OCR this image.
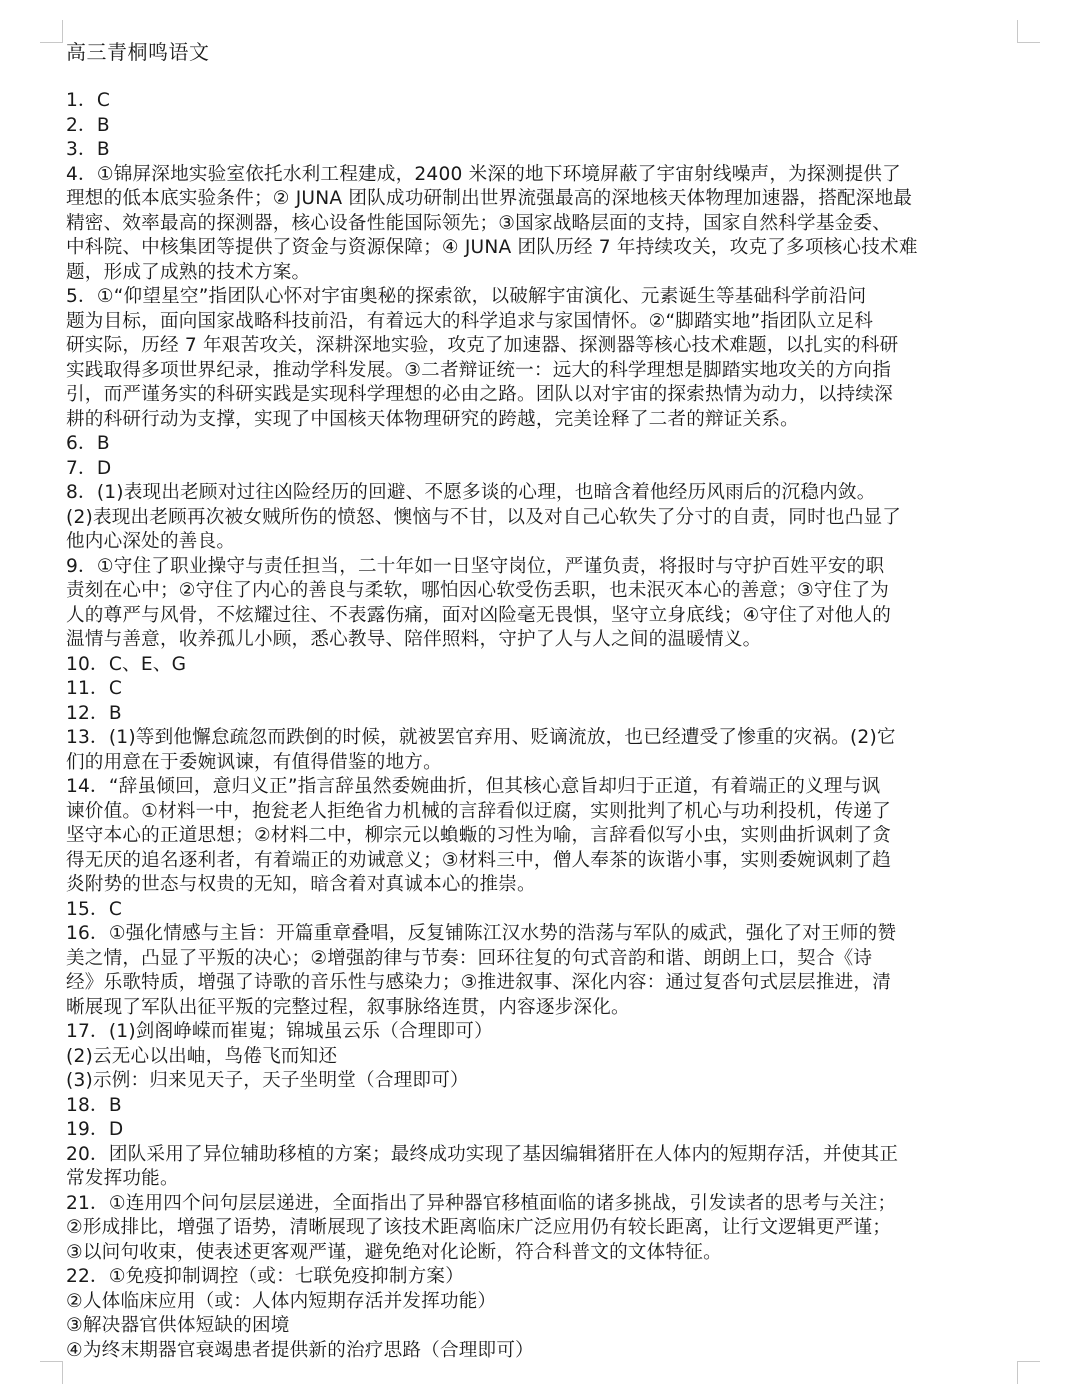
高三青桐鸣语文
1．C
2．B
3．B
4．①锦屏深地实验室依托水利工程建成，2400 米深的地下环境屏蔽了宇宙射线噪声，为探测提供了
理想的低本底实验条件；② JUNA 团队成功研制出世界流强最高的深地核天体物理加速器，搭配深地最
精密、效率最高的探测器，核心设备性能国际领先；③国家战略层面的支持，国家自然科学基金委、
中科院、中核集团等提供了资金与资源保障；④ JUNA 团队历经 7 年持续攻关，攻克了多项核心技术难
题，形成了成熟的技术方案。
5．①“仰望星空”指团队心怀对宇宙奥秘的探索欲，以破解宇宙演化、元素诞生等基础科学前沿问
题为目标，面向国家战略科技前沿，有着远大的科学追求与家国情怀。②“脚踏实地”指团队立足科
研实际，历经 7 年艰苦攻关，深耕深地实验，攻克了加速器、探测器等核心技术难题，以扎实的科研
实践取得多项世界纪录，推动学科发展。③二者辩证统一：远大的科学理想是脚踏实地攻关的方向指
引，而严谨务实的科研实践是实现科学理想的必由之路。团队以对宇宙的探索热情为动力，以持续深
耕的科研行动为支撑，实现了中国核天体物理研究的跨越，完美诠释了二者的辩证关系。
6．B
7．D
8．(1)表现出老顾对过往凶险经历的回避、不愿多谈的心理，也暗含着他经历风雨后的沉稳内敛。
(2)表现出老顾再次被女贼所伤的愤怒、懊恼与不甘，以及对自己心软失了分寸的自责，同时也凸显了
他内心深处的善良。
9．①守住了职业操守与责任担当，二十年如一日坚守岗位，严谨负责，将报时与守护百姓平安的职
责刻在心中；②守住了内心的善良与柔软，哪怕因心软受伤丢职，也未泯灭本心的善意；③守住了为
人的尊严与风骨，不炫耀过往、不表露伤痛，面对凶险毫无畏惧，坚守立身底线；④守住了对他人的
温情与善意，收养孤儿小顾，悉心教导、陪伴照料，守护了人与人之间的温暖情义。
10．C、E、G
11．C
12．B
13．(1)等到他懈怠疏忽而跌倒的时候，就被罢官弃用、贬谪流放，也已经遭受了惨重的灾祸。(2)它
们的用意在于委婉讽谏，有值得借鉴的地方。
14．“辞虽倾回，意归义正”指言辞虽然委婉曲折，但其核心意旨却归于正道，有着端正的义理与讽
谏价值。①材料一中，抱瓮老人拒绝省力机械的言辞看似迂腐，实则批判了机心与功利投机，传递了
坚守本心的正道思想；②材料二中，柳宗元以蝜蝂的习性为喻，言辞看似写小虫，实则曲折讽刺了贪
得无厌的追名逐利者，有着端正的劝诫意义；③材料三中，僧人奉茶的诙谐小事，实则委婉讽刺了趋
炎附势的世态与权贵的无知，暗含着对真诚本心的推崇。
15．C
16．①强化情感与主旨：开篇重章叠唱，反复铺陈江汉水势的浩荡与军队的威武，强化了对王师的赞
美之情，凸显了平叛的决心；②增强韵律与节奏：回环往复的句式音韵和谐、朗朗上口，契合《诗
经》乐歌特质，增强了诗歌的音乐性与感染力；③推进叙事、深化内容：通过复沓句式层层推进，清
晰展现了军队出征平叛的完整过程，叙事脉络连贯，内容逐步深化。
17．(1)剑阁峥嵘而崔嵬；锦城虽云乐（合理即可）
(2)云无心以出岫，鸟倦飞而知还
(3)示例：归来见天子，天子坐明堂（合理即可）
18．B
19．D
20．团队采用了异位辅助移植的方案；最终成功实现了基因编辑猪肝在人体内的短期存活，并使其正
常发挥功能。
21．①连用四个问句层层递进，全面指出了异种器官移植面临的诸多挑战，引发读者的思考与关注；
②形成排比，增强了语势，清晰展现了该技术距离临床广泛应用仍有较长距离，让行文逻辑更严谨；
③以问句收束，使表述更客观严谨，避免绝对化论断，符合科普文的文体特征。
22．①免疫抑制调控（或：七联免疫抑制方案）
②人体临床应用（或：人体内短期存活并发挥功能）
③解决器官供体短缺的困境
④为终末期器官衰竭患者提供新的治疗思路（合理即可）
